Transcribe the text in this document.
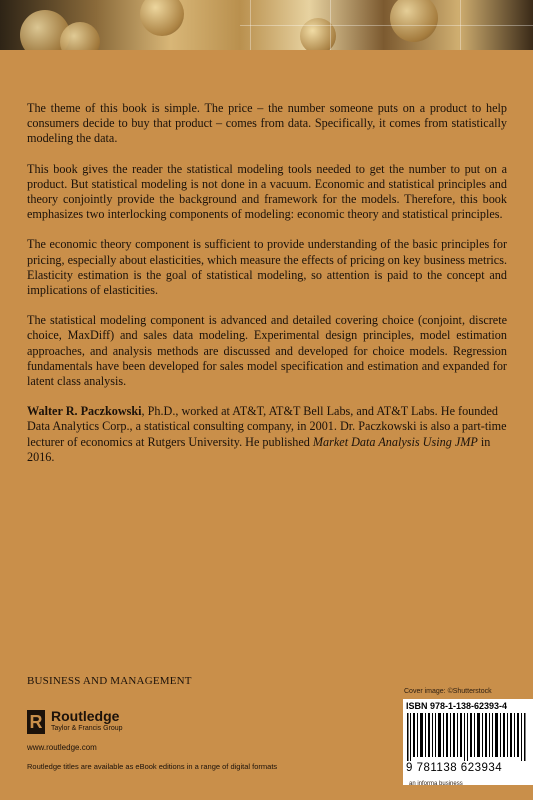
The theme of this book is simple. The price – the number someone puts on a product to help consumers decide to buy that product – comes from data. Specifically, it comes from statistically modeling the data.

This book gives the reader the statistical modeling tools needed to get the number to put on a product. But statistical modeling is not done in a vacuum. Economic and statistical principles and theory conjointly provide the background and framework for the models. Therefore, this book emphasizes two interlocking components of modeling: economic theory and statistical principles.

The economic theory component is sufficient to provide understanding of the basic principles for pricing, especially about elasticities, which measure the effects of pricing on key business metrics. Elasticity estimation is the goal of statistical modeling, so attention is paid to the concept and implications of elasticities.

The statistical modeling component is advanced and detailed covering choice (conjoint, discrete choice, MaxDiff) and sales data modeling. Experimental design principles, model estimation approaches, and analysis methods are discussed and developed for choice models. Regression fundamentals have been developed for sales model specification and estimation and expanded for latent class analysis.

Walter R. Paczkowski, Ph.D., worked at AT&T, AT&T Bell Labs, and AT&T Labs. He founded Data Analytics Corp., a statistical consulting company, in 2001. Dr. Paczkowski is also a part-time lecturer of economics at Rutgers University. He published Market Data Analysis Using JMP in 2016.

BUSINESS AND MANAGEMENT
R Routledge
Taylor & Francis Group
www.routledge.com
Routledge titles are available as eBook editions in a range of digital formats
Cover image: ©Shutterstock
ISBN 978-1-138-62393-4
9 781138 623934
an informa business
